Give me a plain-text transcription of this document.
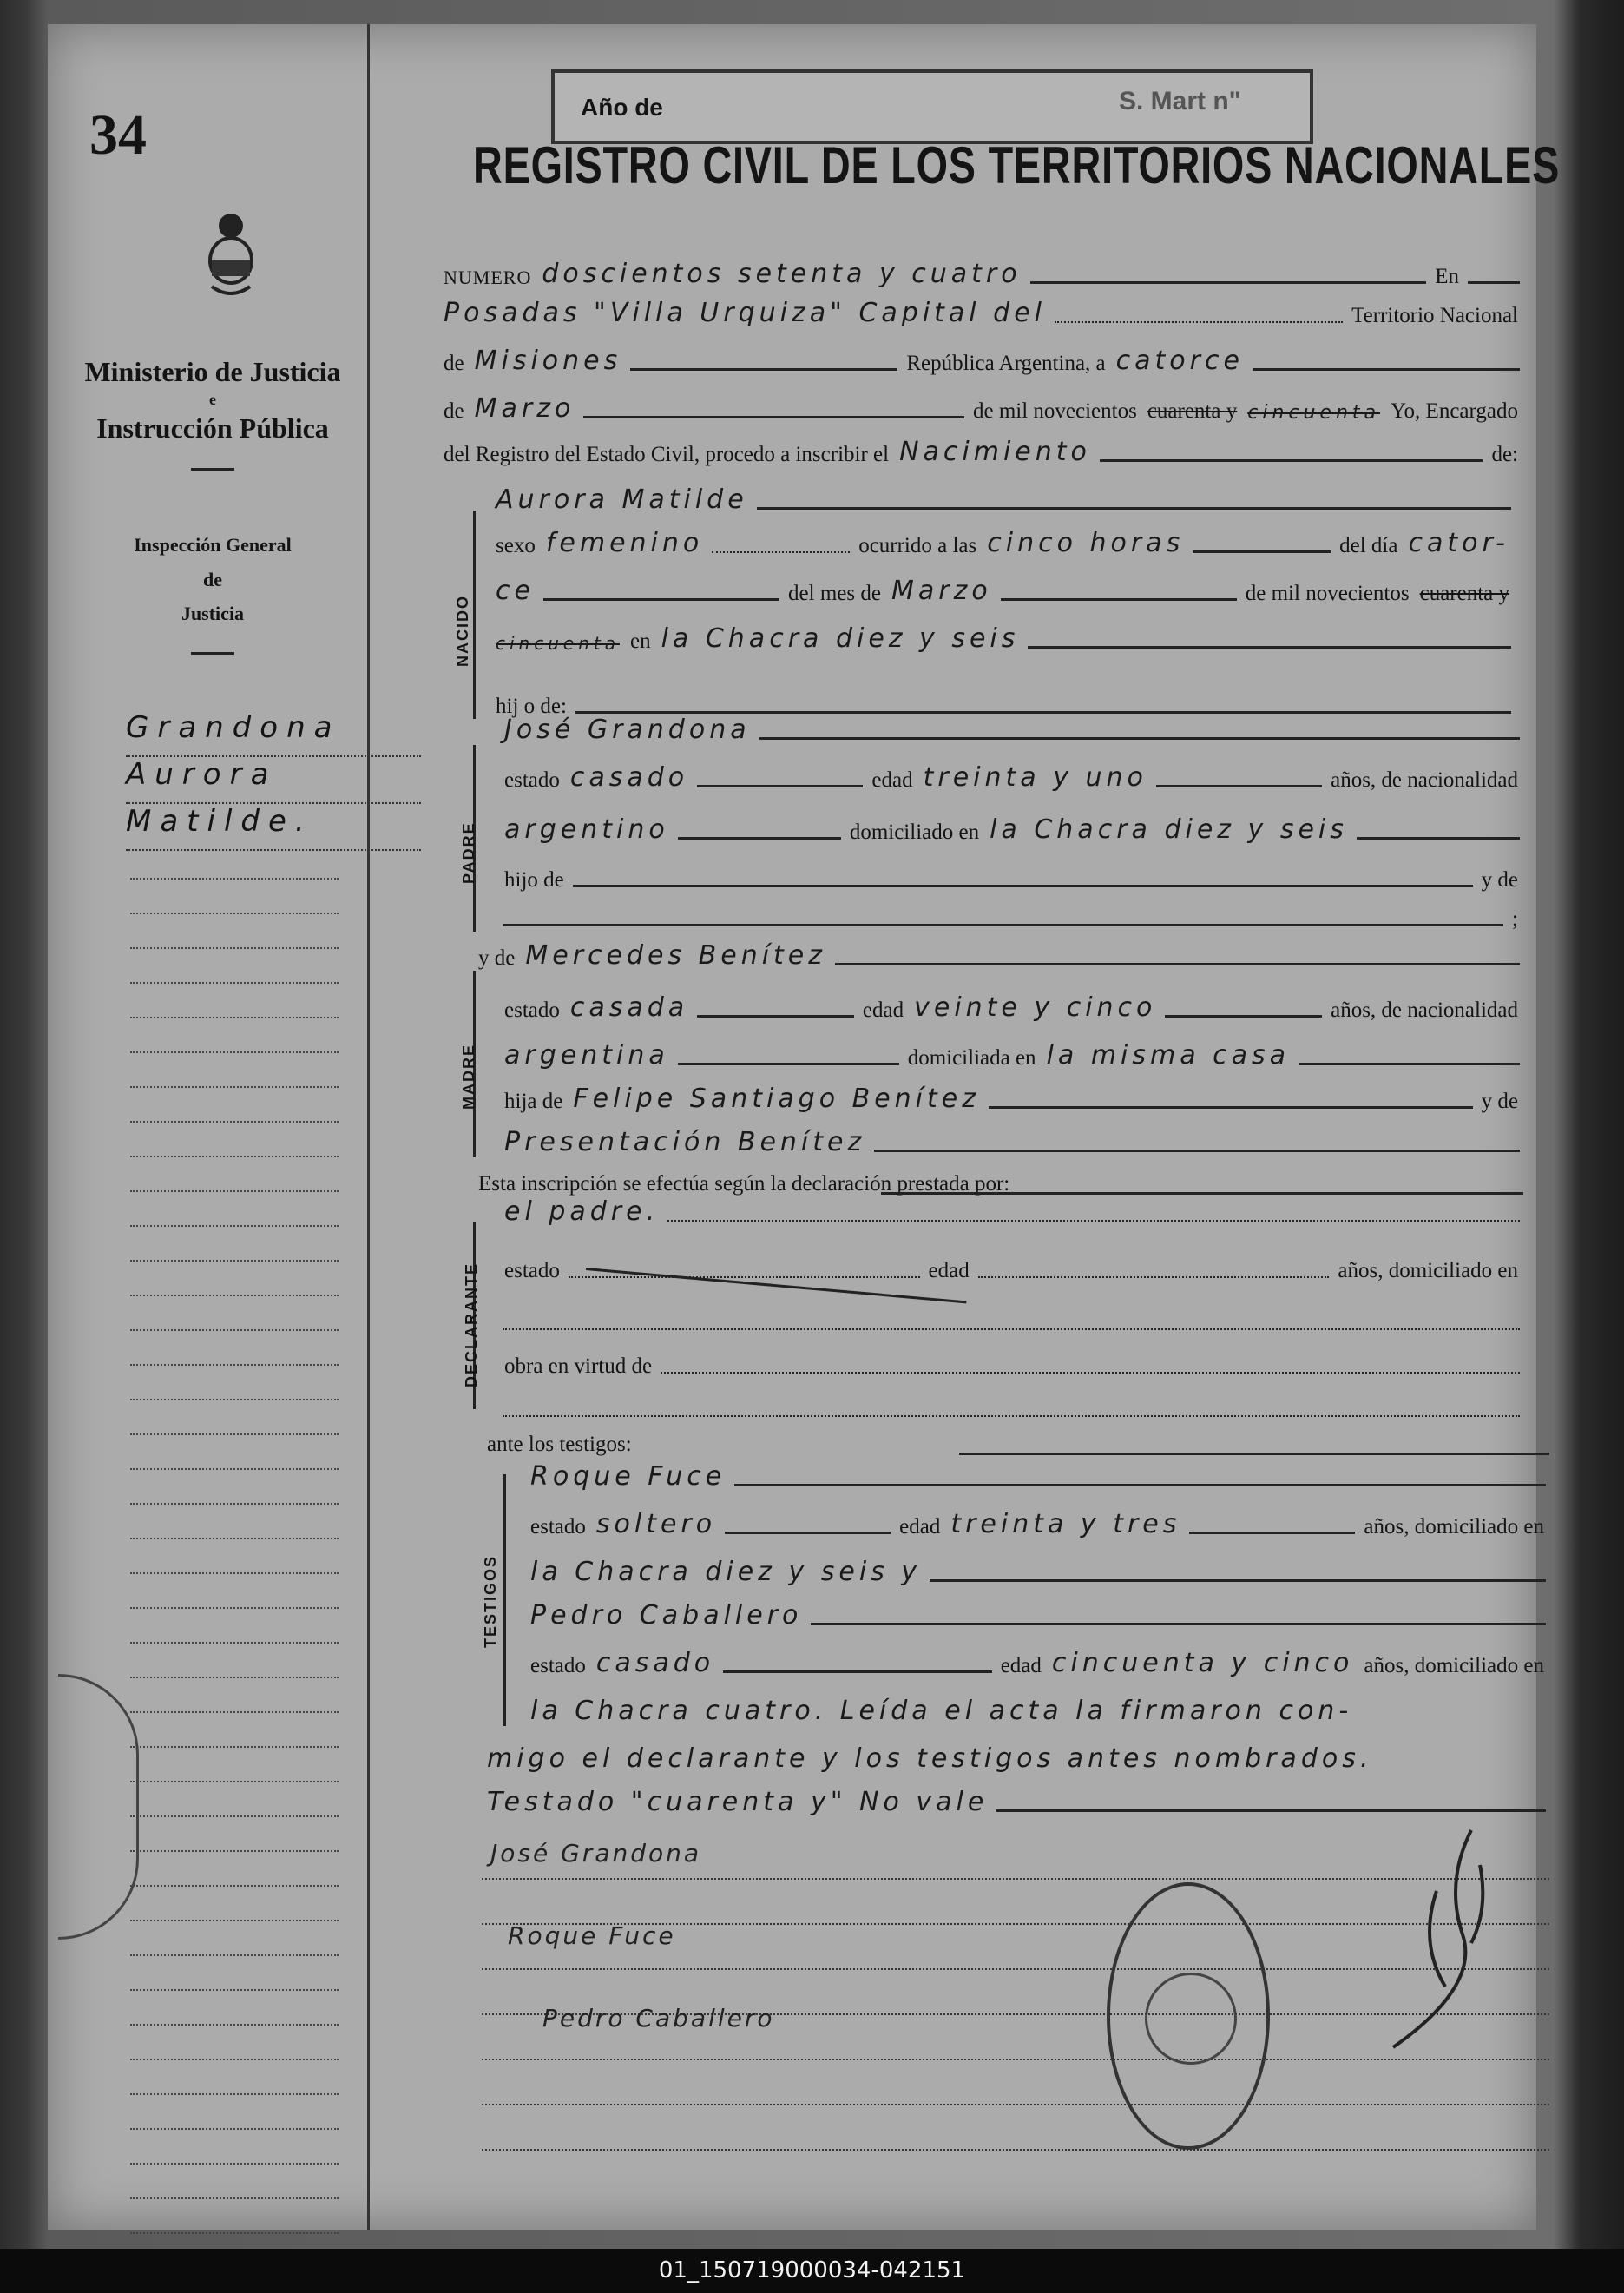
34
Ministerio de Justicia
e
Instrucción Pública
Inspección General
de
Justicia
Grandona
Aurora
Matilde.
Año de	S. Mart n"
REGISTRO CIVIL DE LOS TERRITORIOS NACIONALES
NUMERO doscientos setenta y cuatro	En
Posadas "Villa Urquiza" Capital del	Territorio Nacional
de Misiones	República Argentina, a catorce
de Marzo	de mil novecientos cuarenta y cincuenta Yo, Encargado
del Registro del Estado Civil, procedo a inscribir el Nacimiento	de:
NACIDO
Aurora Matilde
sexo femenino	ocurrido a las cinco horas	del día cator-
ce	del mes de Marzo	de mil novecientos cuarenta y
cincuenta en la Chacra diez y seis
hij o de:
PADRE
José Grandona
estado casado	edad treinta y uno	años, de nacionalidad
argentino	domiciliado en la Chacra diez y seis
hijo de	y de
;
MADRE
y de Mercedes Benítez
estado casada	edad veinte y cinco	años, de nacionalidad
argentina	domiciliada en la misma casa
hija de Felipe Santiago Benítez	y de
Presentación Benítez
Esta inscripción se efectúa según la declaración prestada por:
DECLARANTE
el padre.
estado	edad	años, domiciliado en
obra en virtud de
ante los testigos:
TESTIGOS
Roque Fuce
estado soltero	edad treinta y tres	años, domiciliado en
la Chacra diez y seis y
Pedro Caballero
estado casado	edad cincuenta y cinco años, domiciliado en
la Chacra cuatro. Leída el acta la firmaron con-
migo el declarante y los testigos antes nombrados.
Testado "cuarenta y" No vale
José Grandona
Roque Fuce
Pedro Caballero
01_150719000034-042151
